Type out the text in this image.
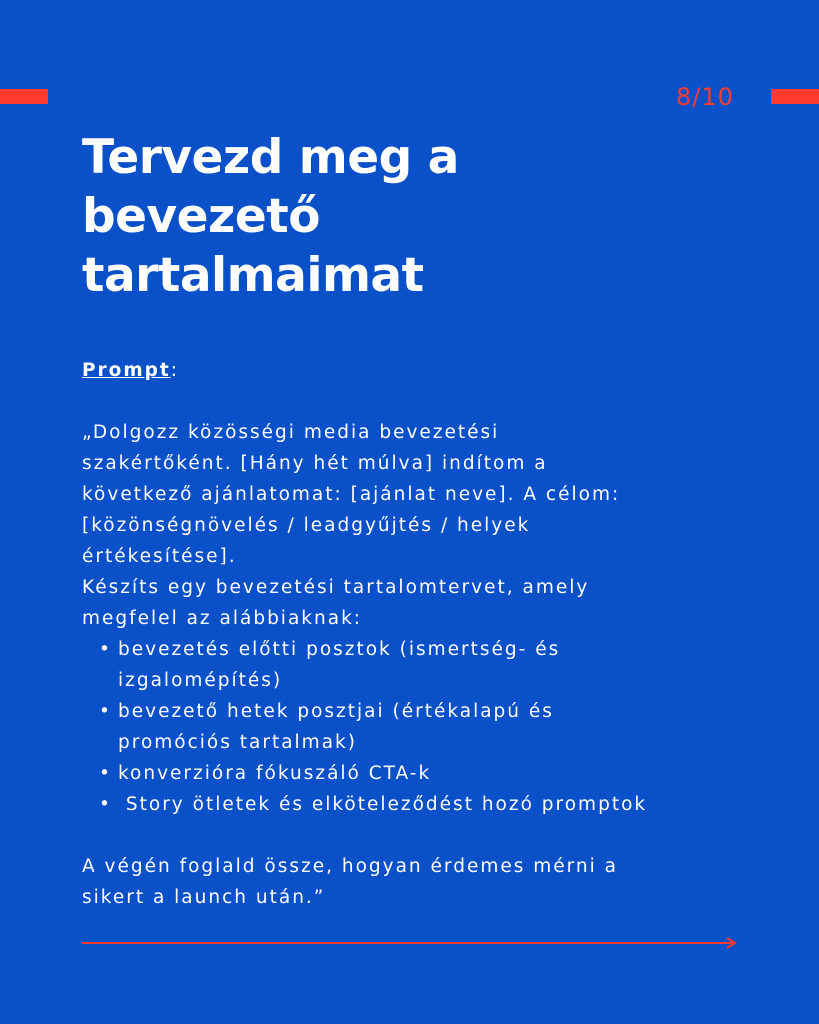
8/10
Tervezd meg a
bevezető
tartalmaimat
Prompt:
„Dolgozz közösségi media bevezetési
szakértőként. [Hány hét múlva] indítom a
következő ajánlatomat: [ajánlat neve]. A célom:
[közönségnövelés / leadgyűjtés / helyek
értékesítése].
Készíts egy bevezetési tartalomtervet, amely
megfelel az alábbiaknak:
• bevezetés előtti posztok (ismertség- és
izgalomépítés)
• bevezető hetek posztjai (értékalapú és
promóciós tartalmak)
• konverzióra fókuszáló CTA-k
•  Story ötletek és elköteleződést hozó promptok
A végén foglald össze, hogyan érdemes mérni a
sikert a launch után.”
